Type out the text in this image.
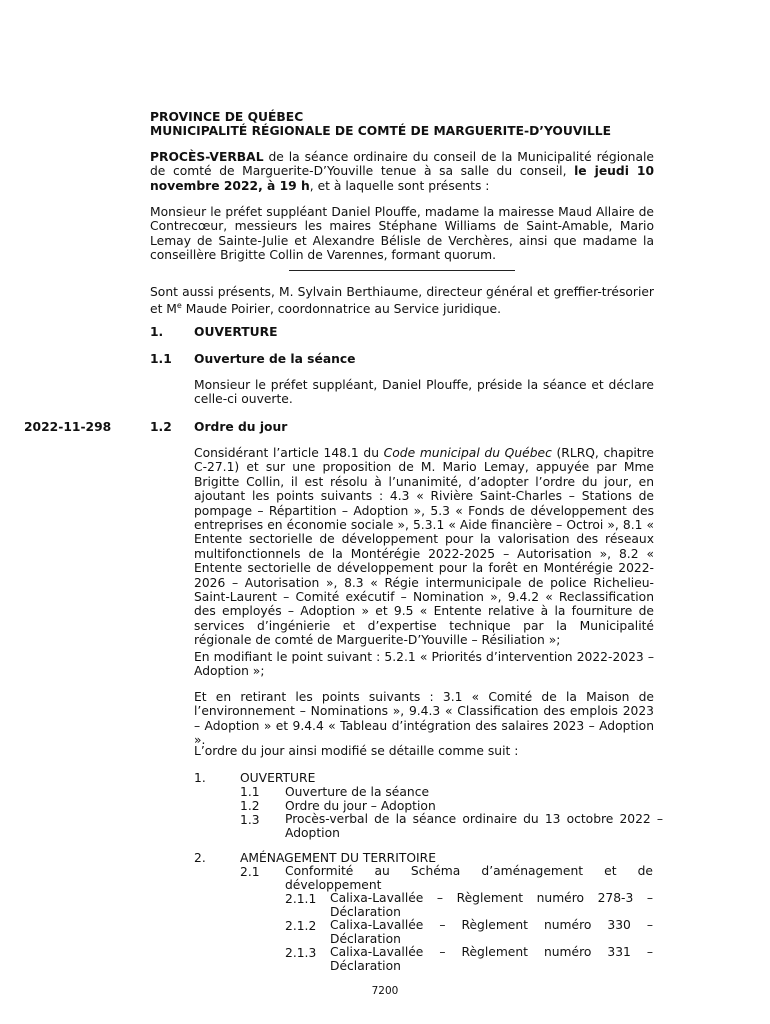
PROVINCE DE QUÉBEC
MUNICIPALITÉ RÉGIONALE DE COMTÉ DE MARGUERITE-D’YOUVILLE
PROCÈS-VERBAL de la séance ordinaire du conseil de la Municipalité régionale de comté de Marguerite-D’Youville tenue à sa salle du conseil, le jeudi 10 novembre 2022, à 19 h, et à laquelle sont présents :
Monsieur le préfet suppléant Daniel Plouffe, madame la mairesse Maud Allaire de Contrecœur, messieurs les maires Stéphane Williams de Saint-Amable, Mario Lemay de Sainte-Julie et Alexandre Bélisle de Verchères, ainsi que madame la conseillère Brigitte Collin de Varennes, formant quorum.
Sont aussi présents, M. Sylvain Berthiaume, directeur général et greffier-trésorier et Me Maude Poirier, coordonnatrice au Service juridique.
1.	OUVERTURE
1.1 Ouverture de la séance
Monsieur le préfet suppléant, Daniel Plouffe, préside la séance et déclare celle-ci ouverte.
2022-11-298	1.2 Ordre du jour
Considérant l’article 148.1 du Code municipal du Québec (RLRQ, chapitre C-27.1) et sur une proposition de M. Mario Lemay, appuyée par Mme Brigitte Collin, il est résolu à l’unanimité, d’adopter l’ordre du jour, en ajoutant les points suivants : 4.3 « Rivière Saint-Charles – Stations de pompage – Répartition – Adoption », 5.3 « Fonds de développement des entreprises en économie sociale », 5.3.1 « Aide financière – Octroi », 8.1 « Entente sectorielle de développement pour la valorisation des réseaux multifonctionnels de la Montérégie 2022-2025 – Autorisation », 8.2 « Entente sectorielle de développement pour la forêt en Montérégie 2022-2026 – Autorisation », 8.3 « Régie intermunicipale de police Richelieu-Saint-Laurent – Comité exécutif – Nomination », 9.4.2 « Reclassification des employés – Adoption » et 9.5 « Entente relative à la fourniture de services d’ingénierie et d’expertise technique par la Municipalité régionale de comté de Marguerite-D’Youville – Résiliation »;
En modifiant le point suivant : 5.2.1 « Priorités d’intervention 2022-2023 – Adoption »;
Et en retirant les points suivants : 3.1 « Comité de la Maison de l’environnement – Nominations », 9.4.3 « Classification des emplois 2023 – Adoption » et 9.4.4 « Tableau d’intégration des salaires 2023 – Adoption ».
L’ordre du jour ainsi modifié se détaille comme suit :
1.	OUVERTURE
1.1 Ouverture de la séance
1.2 Ordre du jour – Adoption
1.3 Procès-verbal de la séance ordinaire du 13 octobre 2022 – Adoption
2.	AMÉNAGEMENT DU TERRITOIRE
2.1 Conformité au Schéma d’aménagement et de développement
2.1.1 Calixa-Lavallée – Règlement numéro 278-3 – Déclaration
2.1.2 Calixa-Lavallée – Règlement numéro 330 – Déclaration
2.1.3 Calixa-Lavallée – Règlement numéro 331 – Déclaration
7200
